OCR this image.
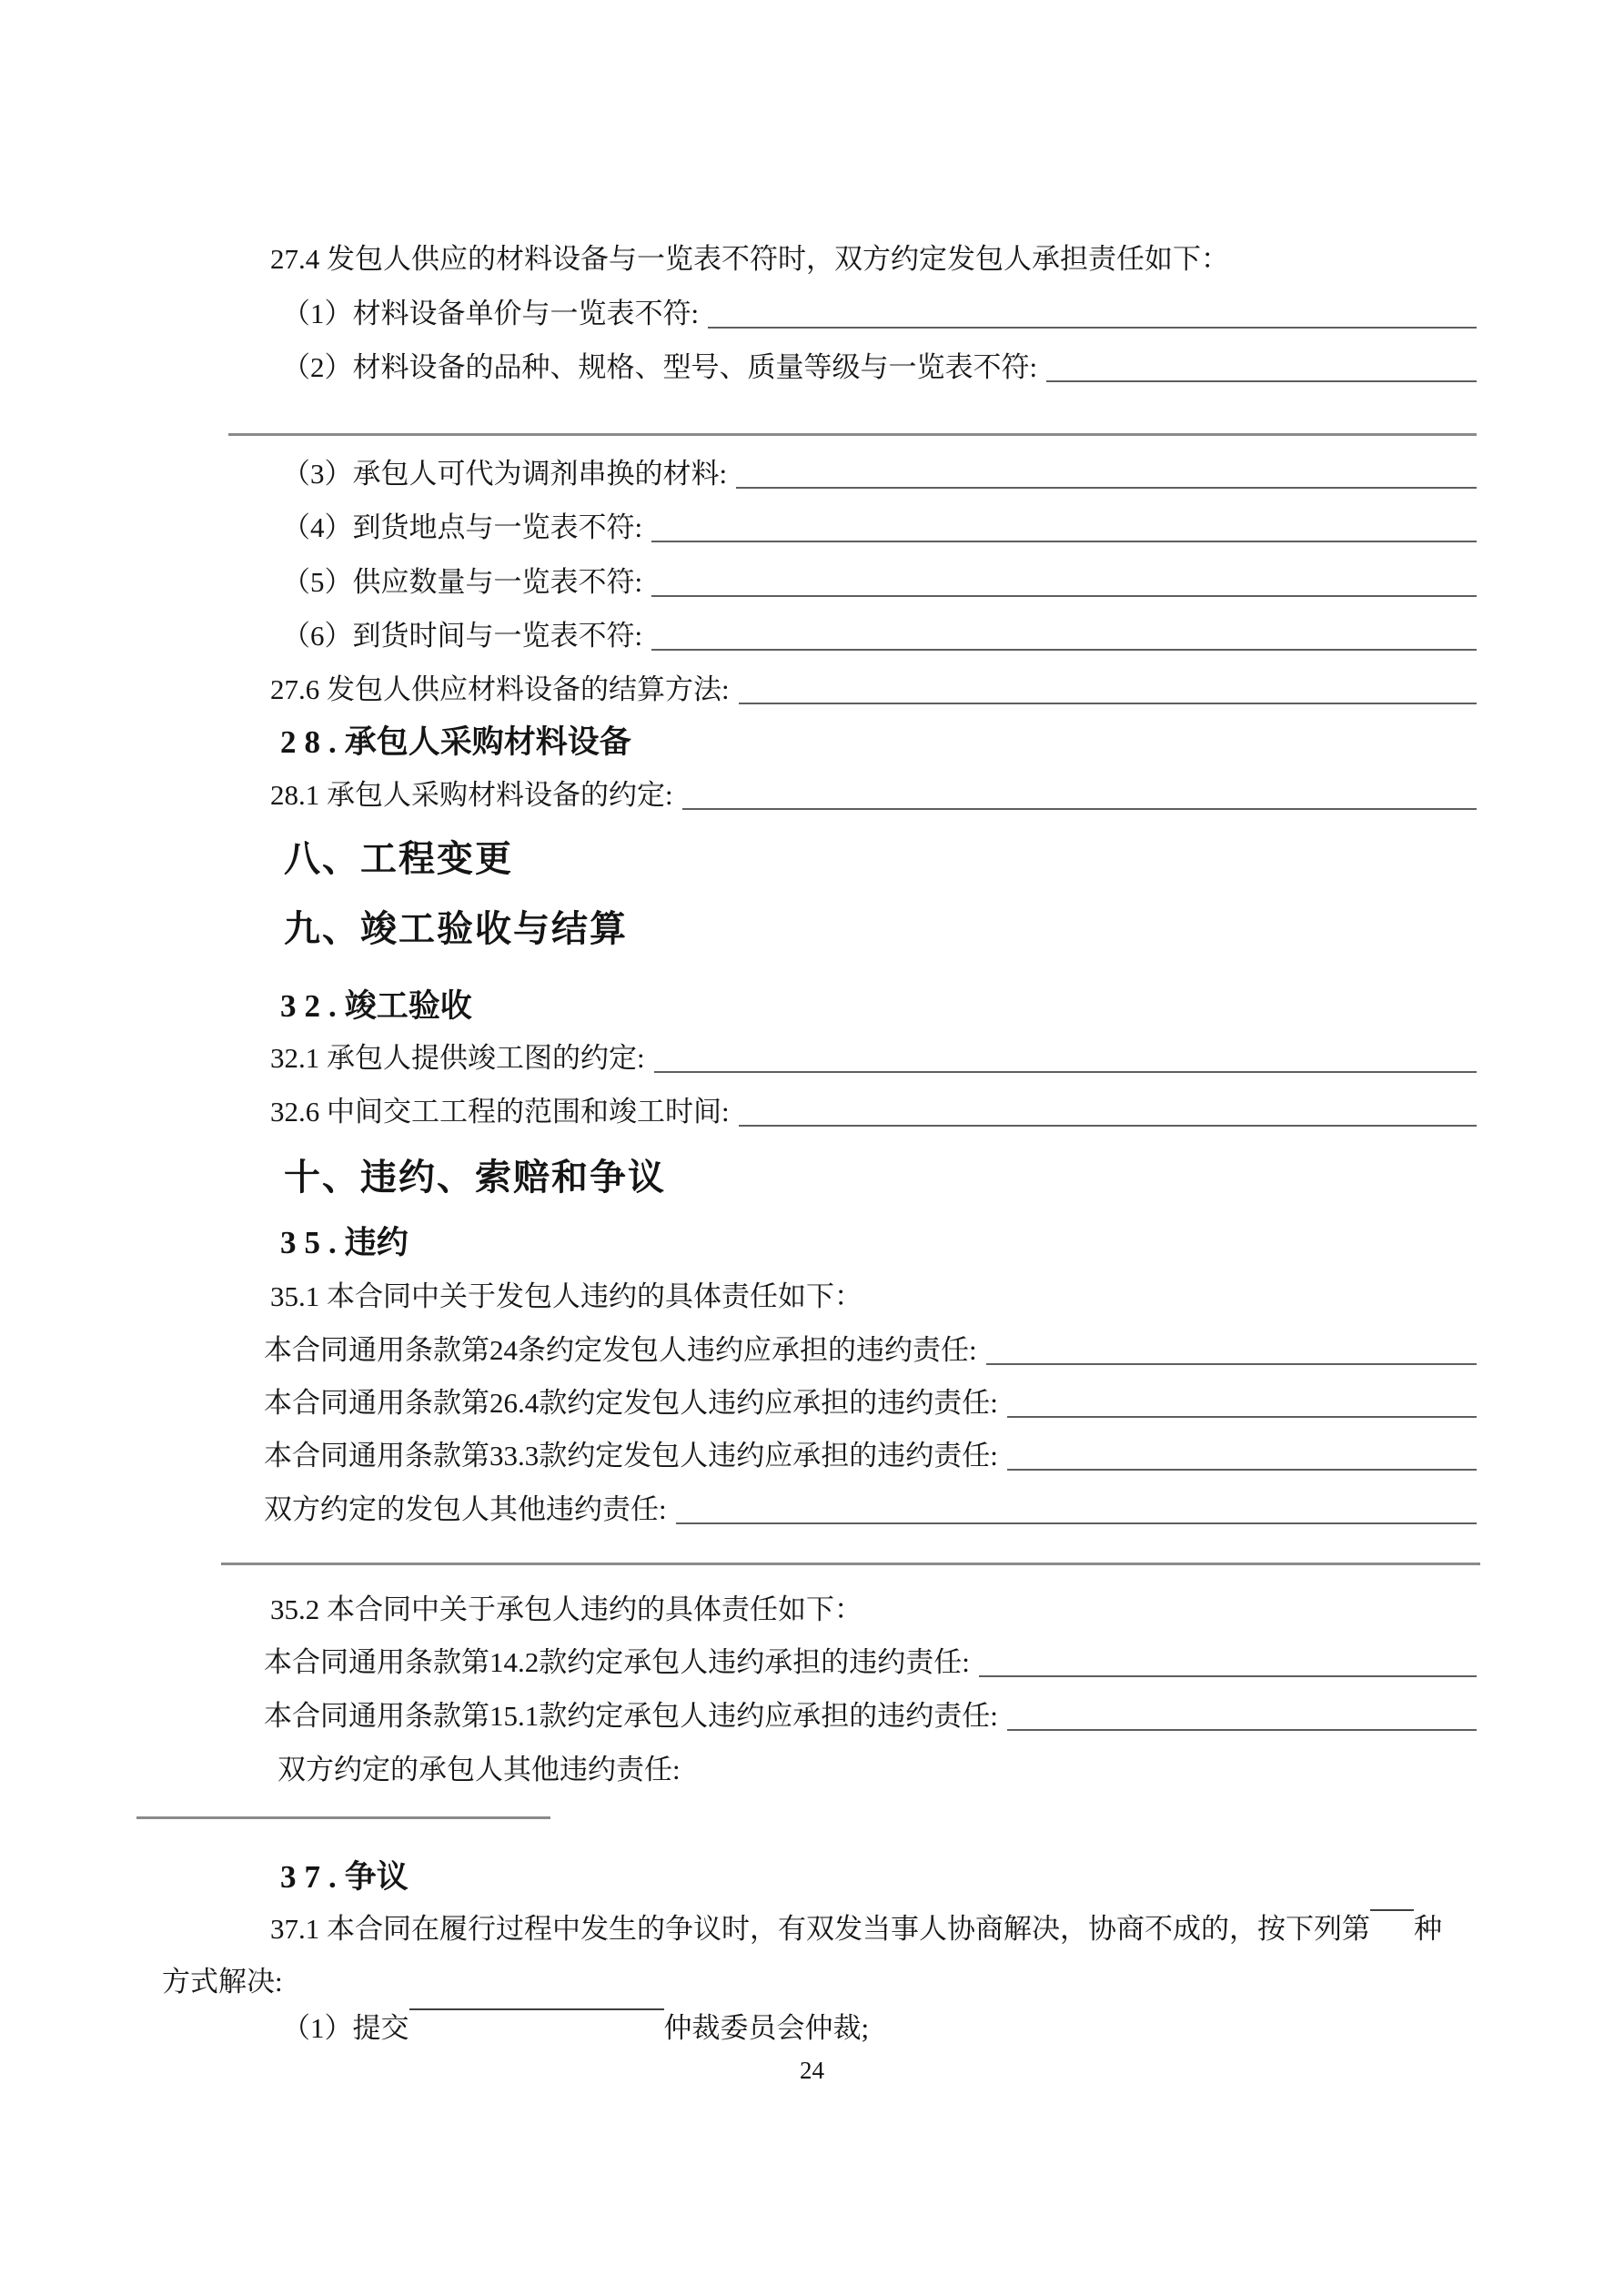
27.4 发包人供应的材料设备与一览表不符时，双方约定发包人承担责任如下：
（1）材料设备单价与一览表不符:
（2）材料设备的品种、规格、型号、质量等级与一览表不符:
（3）承包人可代为调剂串换的材料:
（4）到货地点与一览表不符:
（5）供应数量与一览表不符:
（6）到货时间与一览表不符:
27.6 发包人供应材料设备的结算方法:
28. 承包人采购材料设备
28.1 承包人采购材料设备的约定:
八、工程变更
九、竣工验收与结算
32. 竣工验收
32.1 承包人提供竣工图的约定:
32.6 中间交工工程的范围和竣工时间:
十、违约、索赔和争议
35. 违约
35.1 本合同中关于发包人违约的具体责任如下：
本合同通用条款第24条约定发包人违约应承担的违约责任:
本合同通用条款第26.4款约定发包人违约应承担的违约责任:
本合同通用条款第33.3款约定发包人违约应承担的违约责任:
双方约定的发包人其他违约责任:
35.2 本合同中关于承包人违约的具体责任如下：
本合同通用条款第14.2款约定承包人违约承担的违约责任:
本合同通用条款第15.1款约定承包人违约应承担的违约责任:
双方约定的承包人其他违约责任:
37. 争议
37.1 本合同在履行过程中发生的争议时，有双发当事人协商解决，协商不成的，按下列第 种
方式解决:
（1）提交	仲裁委员会仲裁;
24
